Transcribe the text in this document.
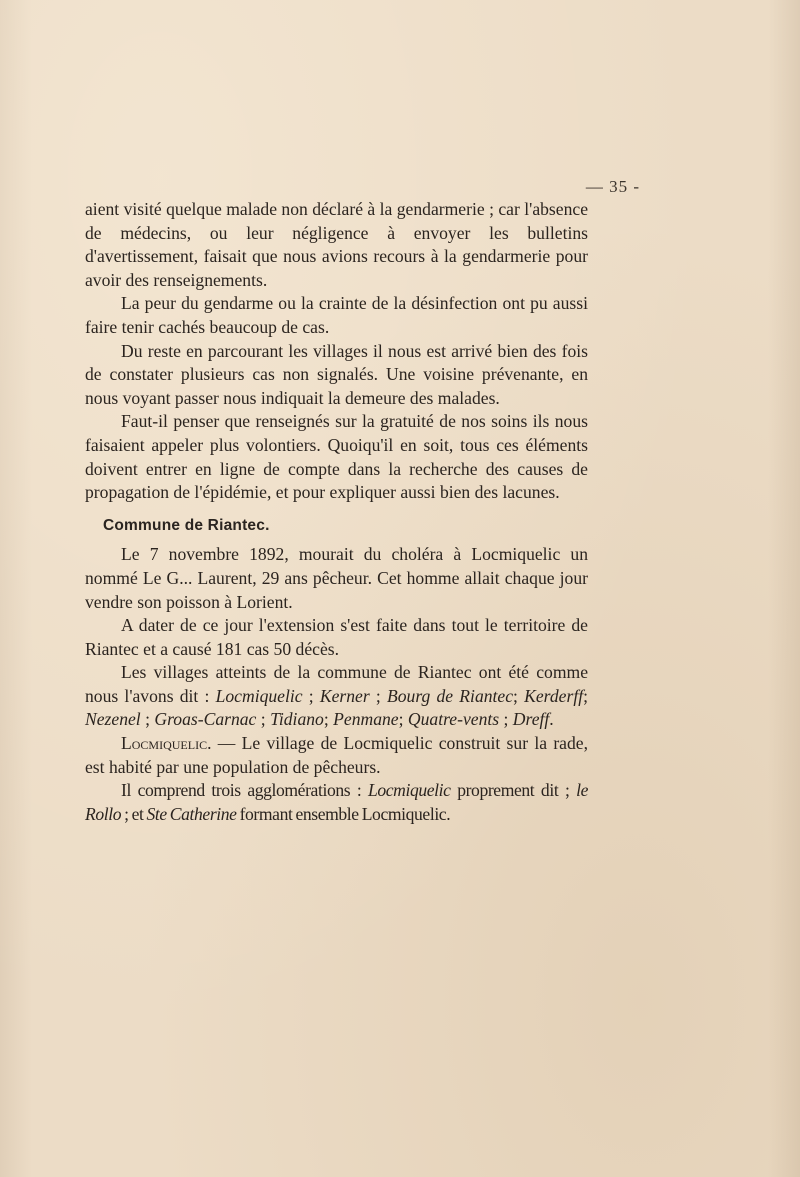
— 35 -

aient visité quelque malade non déclaré à la gendarmerie ; car l'absence de médecins, ou leur négligence à envoyer les bulletins d'avertissement, faisait que nous avions recours à la gendarmerie pour avoir des renseignements.

La peur du gendarme ou la crainte de la désinfection ont pu aussi faire tenir cachés beaucoup de cas.

Du reste en parcourant les villages il nous est arrivé bien des fois de constater plusieurs cas non signalés. Une voisine prévenante, en nous voyant passer nous indiquait la demeure des malades.

Faut-il penser que renseignés sur la gratuité de nos soins ils nous faisaient appeler plus volontiers. Quoiqu'il en soit, tous ces éléments doivent entrer en ligne de compte dans la recherche des causes de propagation de l'épidémie, et pour expliquer aussi bien des lacunes.

Commune de Riantec.

Le 7 novembre 1892, mourait du choléra à Locmiquelic un nommé Le G... Laurent, 29 ans pêcheur. Cet homme allait chaque jour vendre son poisson à Lorient.

A dater de ce jour l'extension s'est faite dans tout le territoire de Riantec et a causé 181 cas 50 décès.

Les villages atteints de la commune de Riantec ont été comme nous l'avons dit : Locmiquelic ; Kerner ; Bourg de Riantec; Kerderff; Nezenel ; Groas-Carnac ; Tidiano; Penmane; Quatre-vents ; Dreff.

Locmiquelic. — Le village de Locmiquelic construit sur la rade, est habité par une population de pêcheurs.

Il comprend trois agglomérations : Locmiquelic proprement dit ; le Rollo ; et Ste Catherine formant ensemble Locmiquelic.
